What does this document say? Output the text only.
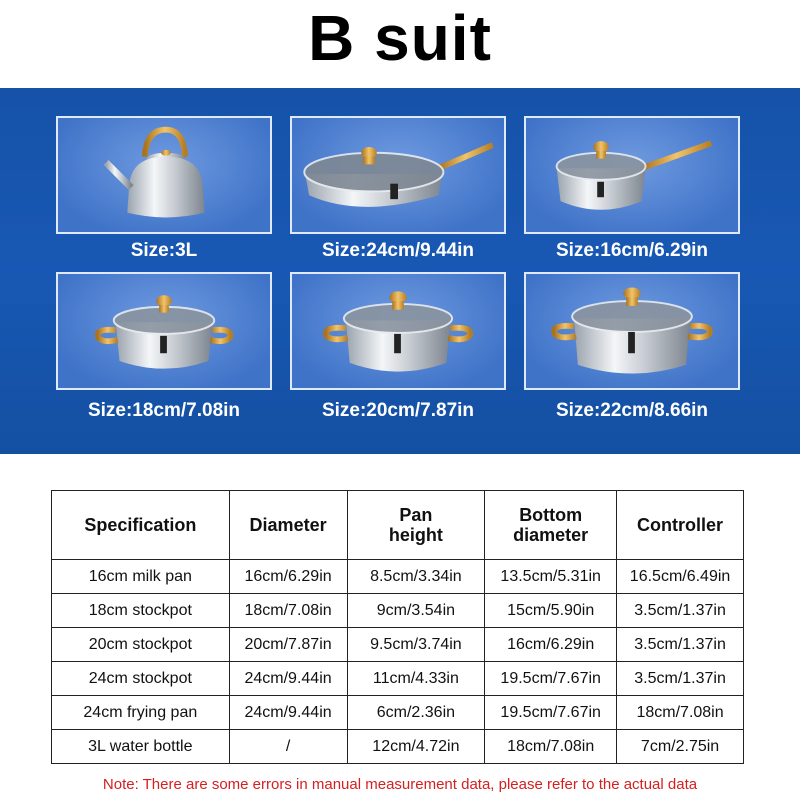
B suit
Size:3L	Size:24cm/9.44in	Size:16cm/6.29in
Size:18cm/7.08in	Size:20cm/7.87in	Size:22cm/8.66in
Specification	Diameter	Pan height	Bottom diameter	Controller
16cm milk pan	16cm/6.29in	8.5cm/3.34in	13.5cm/5.31in	16.5cm/6.49in
18cm stockpot	18cm/7.08in	9cm/3.54in	15cm/5.90in	3.5cm/1.37in
20cm stockpot	20cm/7.87in	9.5cm/3.74in	16cm/6.29in	3.5cm/1.37in
24cm stockpot	24cm/9.44in	11cm/4.33in	19.5cm/7.67in	3.5cm/1.37in
24cm frying pan	24cm/9.44in	6cm/2.36in	19.5cm/7.67in	18cm/7.08in
3L water bottle	/	12cm/4.72in	18cm/7.08in	7cm/2.75in
Note: There are some errors in manual measurement data, please refer to the actual data
